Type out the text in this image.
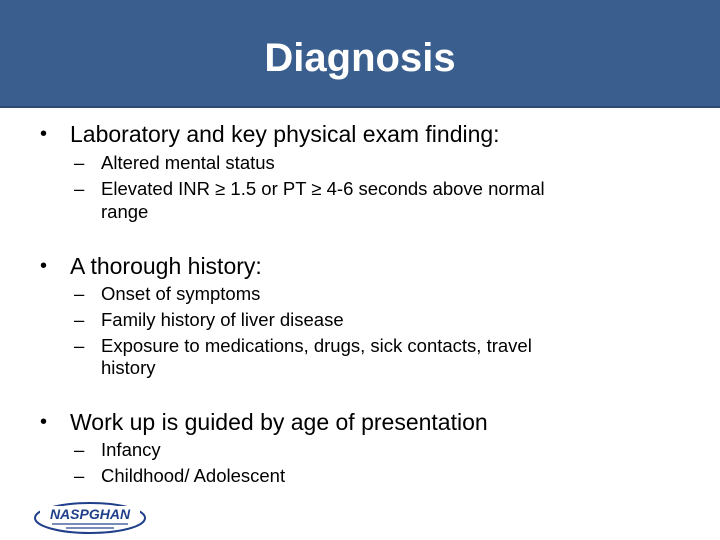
Diagnosis
• Laboratory and key physical exam finding:
– Altered mental status
– Elevated INR ≥ 1.5 or PT ≥ 4-6 seconds above normal
range
• A thorough history:
– Onset of symptoms
– Family history of liver disease
– Exposure to medications, drugs, sick contacts, travel
history
• Work up is guided by age of presentation
– Infancy
– Childhood/ Adolescent
NASPGHAN
